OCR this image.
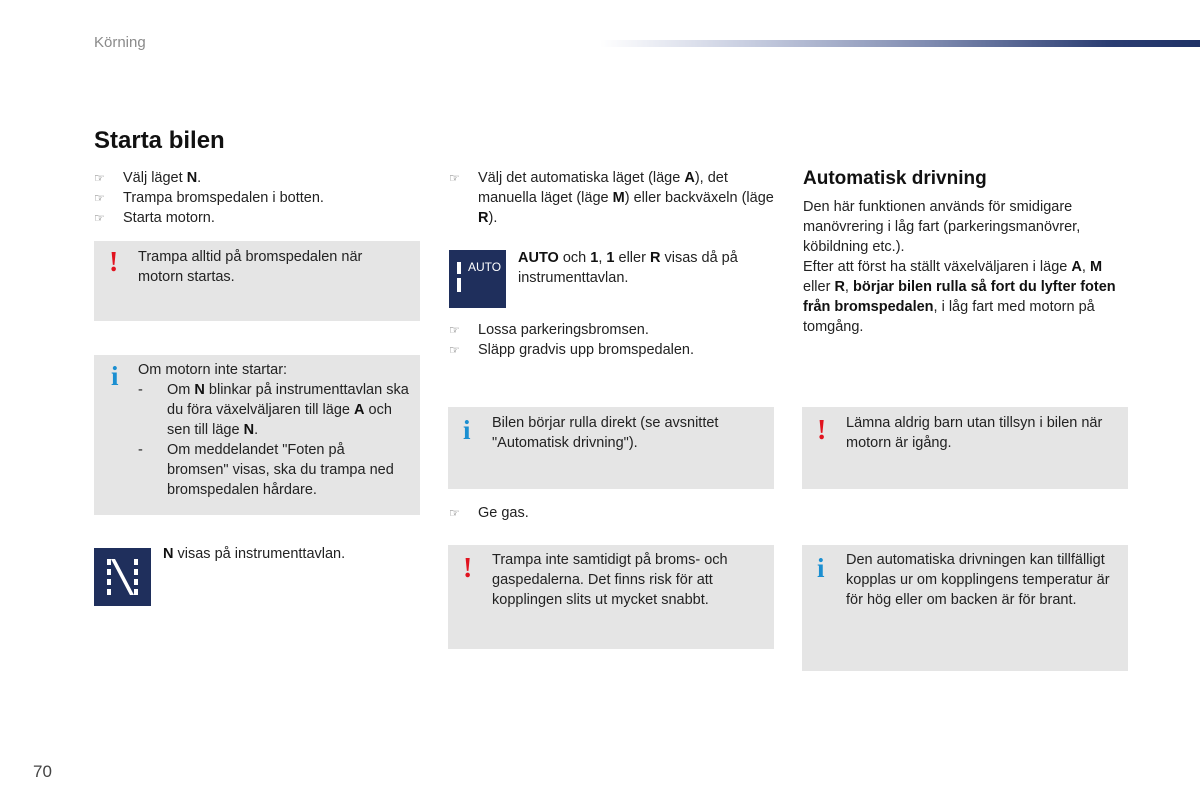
Körning
Starta bilen
☞ Välj läget N.
☞ Trampa bromspedalen i botten.
☞ Starta motorn.
! Trampa alltid på bromspedalen när motorn startas.
i Om motorn inte startar:
- Om N blinkar på instrumenttavlan ska du föra växelväljaren till läge A och sen till läge N.
- Om meddelandet "Foten på bromsen" visas, ska du trampa ned bromspedalen hårdare.
N visas på instrumenttavlan.
☞ Välj det automatiska läget (läge A), det manuella läget (läge M) eller backväxeln (läge R).
AUTO
AUTO och 1, 1 eller R visas då på instrumenttavlan.
☞ Lossa parkeringsbromsen.
☞ Släpp gradvis upp bromspedalen.
i Bilen börjar rulla direkt (se avsnittet "Automatisk drivning").
☞ Ge gas.
! Trampa inte samtidigt på broms- och gaspedalerna. Det finns risk för att kopplingen slits ut mycket snabbt.
Automatisk drivning
Den här funktionen används för smidigare manövrering i låg fart (parkeringsmanövrer, köbildning etc.).
Efter att först ha ställt växelväljaren i läge A, M eller R, börjar bilen rulla så fort du lyfter foten från bromspedalen, i låg fart med motorn på tomgång.
! Lämna aldrig barn utan tillsyn i bilen när motorn är igång.
i Den automatiska drivningen kan tillfälligt kopplas ur om kopplingens temperatur är för hög eller om backen är för brant.
70
